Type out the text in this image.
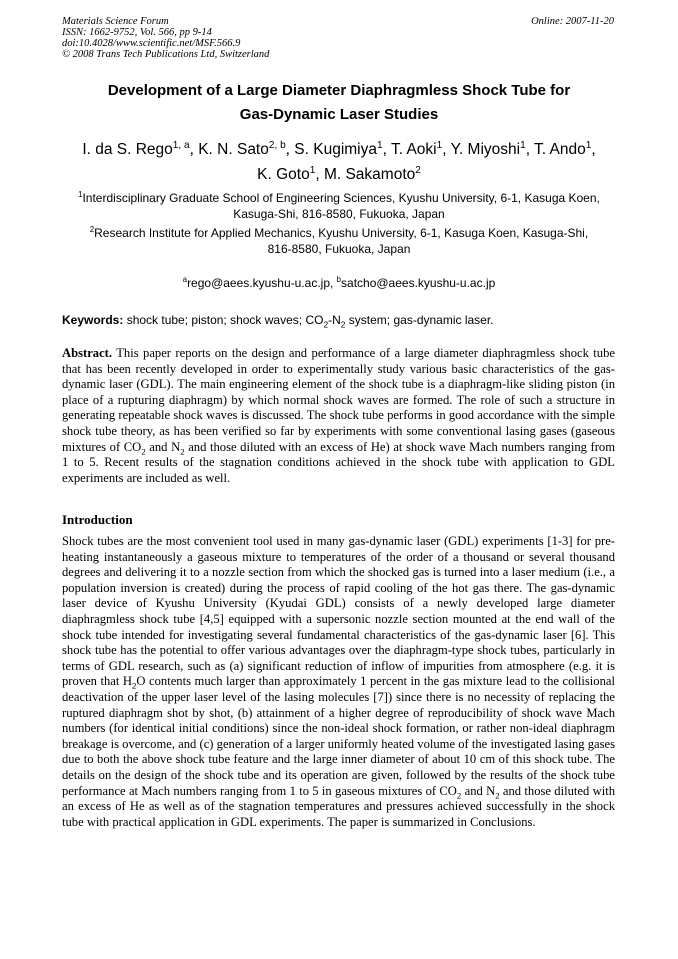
Materials Science Forum
ISSN: 1662-9752, Vol. 566, pp 9-14
doi:10.4028/www.scientific.net/MSF.566.9
© 2008 Trans Tech Publications Ltd, Switzerland
Online: 2007-11-20
Development of a Large Diameter Diaphragmless Shock Tube for
Gas-Dynamic Laser Studies
I. da S. Rego$^{1, a}$, K. N. Sato$^{2, b}$, S. Kugimiya$^1$, T. Aoki$^1$, Y. Miyoshi$^1$, T. Ando$^1$,
K. Goto$^1$, M. Sakamoto$^2$
$^1$Interdisciplinary Graduate School of Engineering Sciences, Kyushu University, 6-1, Kasuga Koen,
Kasuga-Shi, 816-8580, Fukuoka, Japan
$^2$Research Institute for Applied Mechanics, Kyushu University, 6-1, Kasuga Koen, Kasuga-Shi,
816-8580, Fukuoka, Japan
$^a$rego@aees.kyushu-u.ac.jp, $^b$satcho@aees.kyushu-u.ac.jp
Keywords: shock tube; piston; shock waves; $CO_2-N_2$ system; gas-dynamic laser.
Abstract. This paper reports on the design and performance of a large diameter diaphragmless shock tube that has been recently developed in order to experimentally study various basic characteristics of the gas-dynamic laser (GDL). The main engineering element of the shock tube is a diaphragm-like sliding piston (in place of a rupturing diaphragm) by which normal shock waves are formed. The role of such a structure in generating repeatable shock waves is discussed. The shock tube performs in good accordance with the simple shock tube theory, as has been verified so far by experiments with some conventional lasing gases (gaseous mixtures of $CO_2$ and $N_2$ and those diluted with an excess of He) at shock wave Mach numbers ranging from 1 to 5. Recent results of the stagnation conditions achieved in the shock tube with application to GDL experiments are included as well.
Introduction
Shock tubes are the most convenient tool used in many gas-dynamic laser (GDL) experiments [1-3] for pre-heating instantaneously a gaseous mixture to temperatures of the order of a thousand or several thousand degrees and delivering it to a nozzle section from which the shocked gas is turned into a laser medium (i.e., a population inversion is created) during the process of rapid cooling of the hot gas there. The gas-dynamic laser device of Kyushu University (Kyudai GDL) consists of a newly developed large diameter diaphragmless shock tube [4,5] equipped with a supersonic nozzle section mounted at the end wall of the shock tube intended for investigating several fundamental characteristics of the gas-dynamic laser [6]. This shock tube has the potential to offer various advantages over the diaphragm-type shock tubes, particularly in terms of GDL research, such as (a) significant reduction of inflow of impurities from atmosphere (e.g. it is proven that $H_2O$ contents much larger than approximately 1 percent in the gas mixture lead to the collisional deactivation of the upper laser level of the lasing molecules [7]) since there is no necessity of replacing the ruptured diaphragm shot by shot, (b) attainment of a higher degree of reproducibility of shock wave Mach numbers (for identical initial conditions) since the non-ideal shock formation, or rather non-ideal diaphragm breakage is overcome, and (c) generation of a larger uniformly heated volume of the investigated lasing gases due to both the above shock tube feature and the large inner diameter of about 10 cm of this shock tube. The details on the design of the shock tube and its operation are given, followed by the results of the shock tube performance at Mach numbers ranging from 1 to 5 in gaseous mixtures of $CO_2$ and $N_2$ and those diluted with an excess of He as well as of the stagnation temperatures and pressures achieved successfully in the shock tube with practical application in GDL experiments. The paper is summarized in Conclusions.
